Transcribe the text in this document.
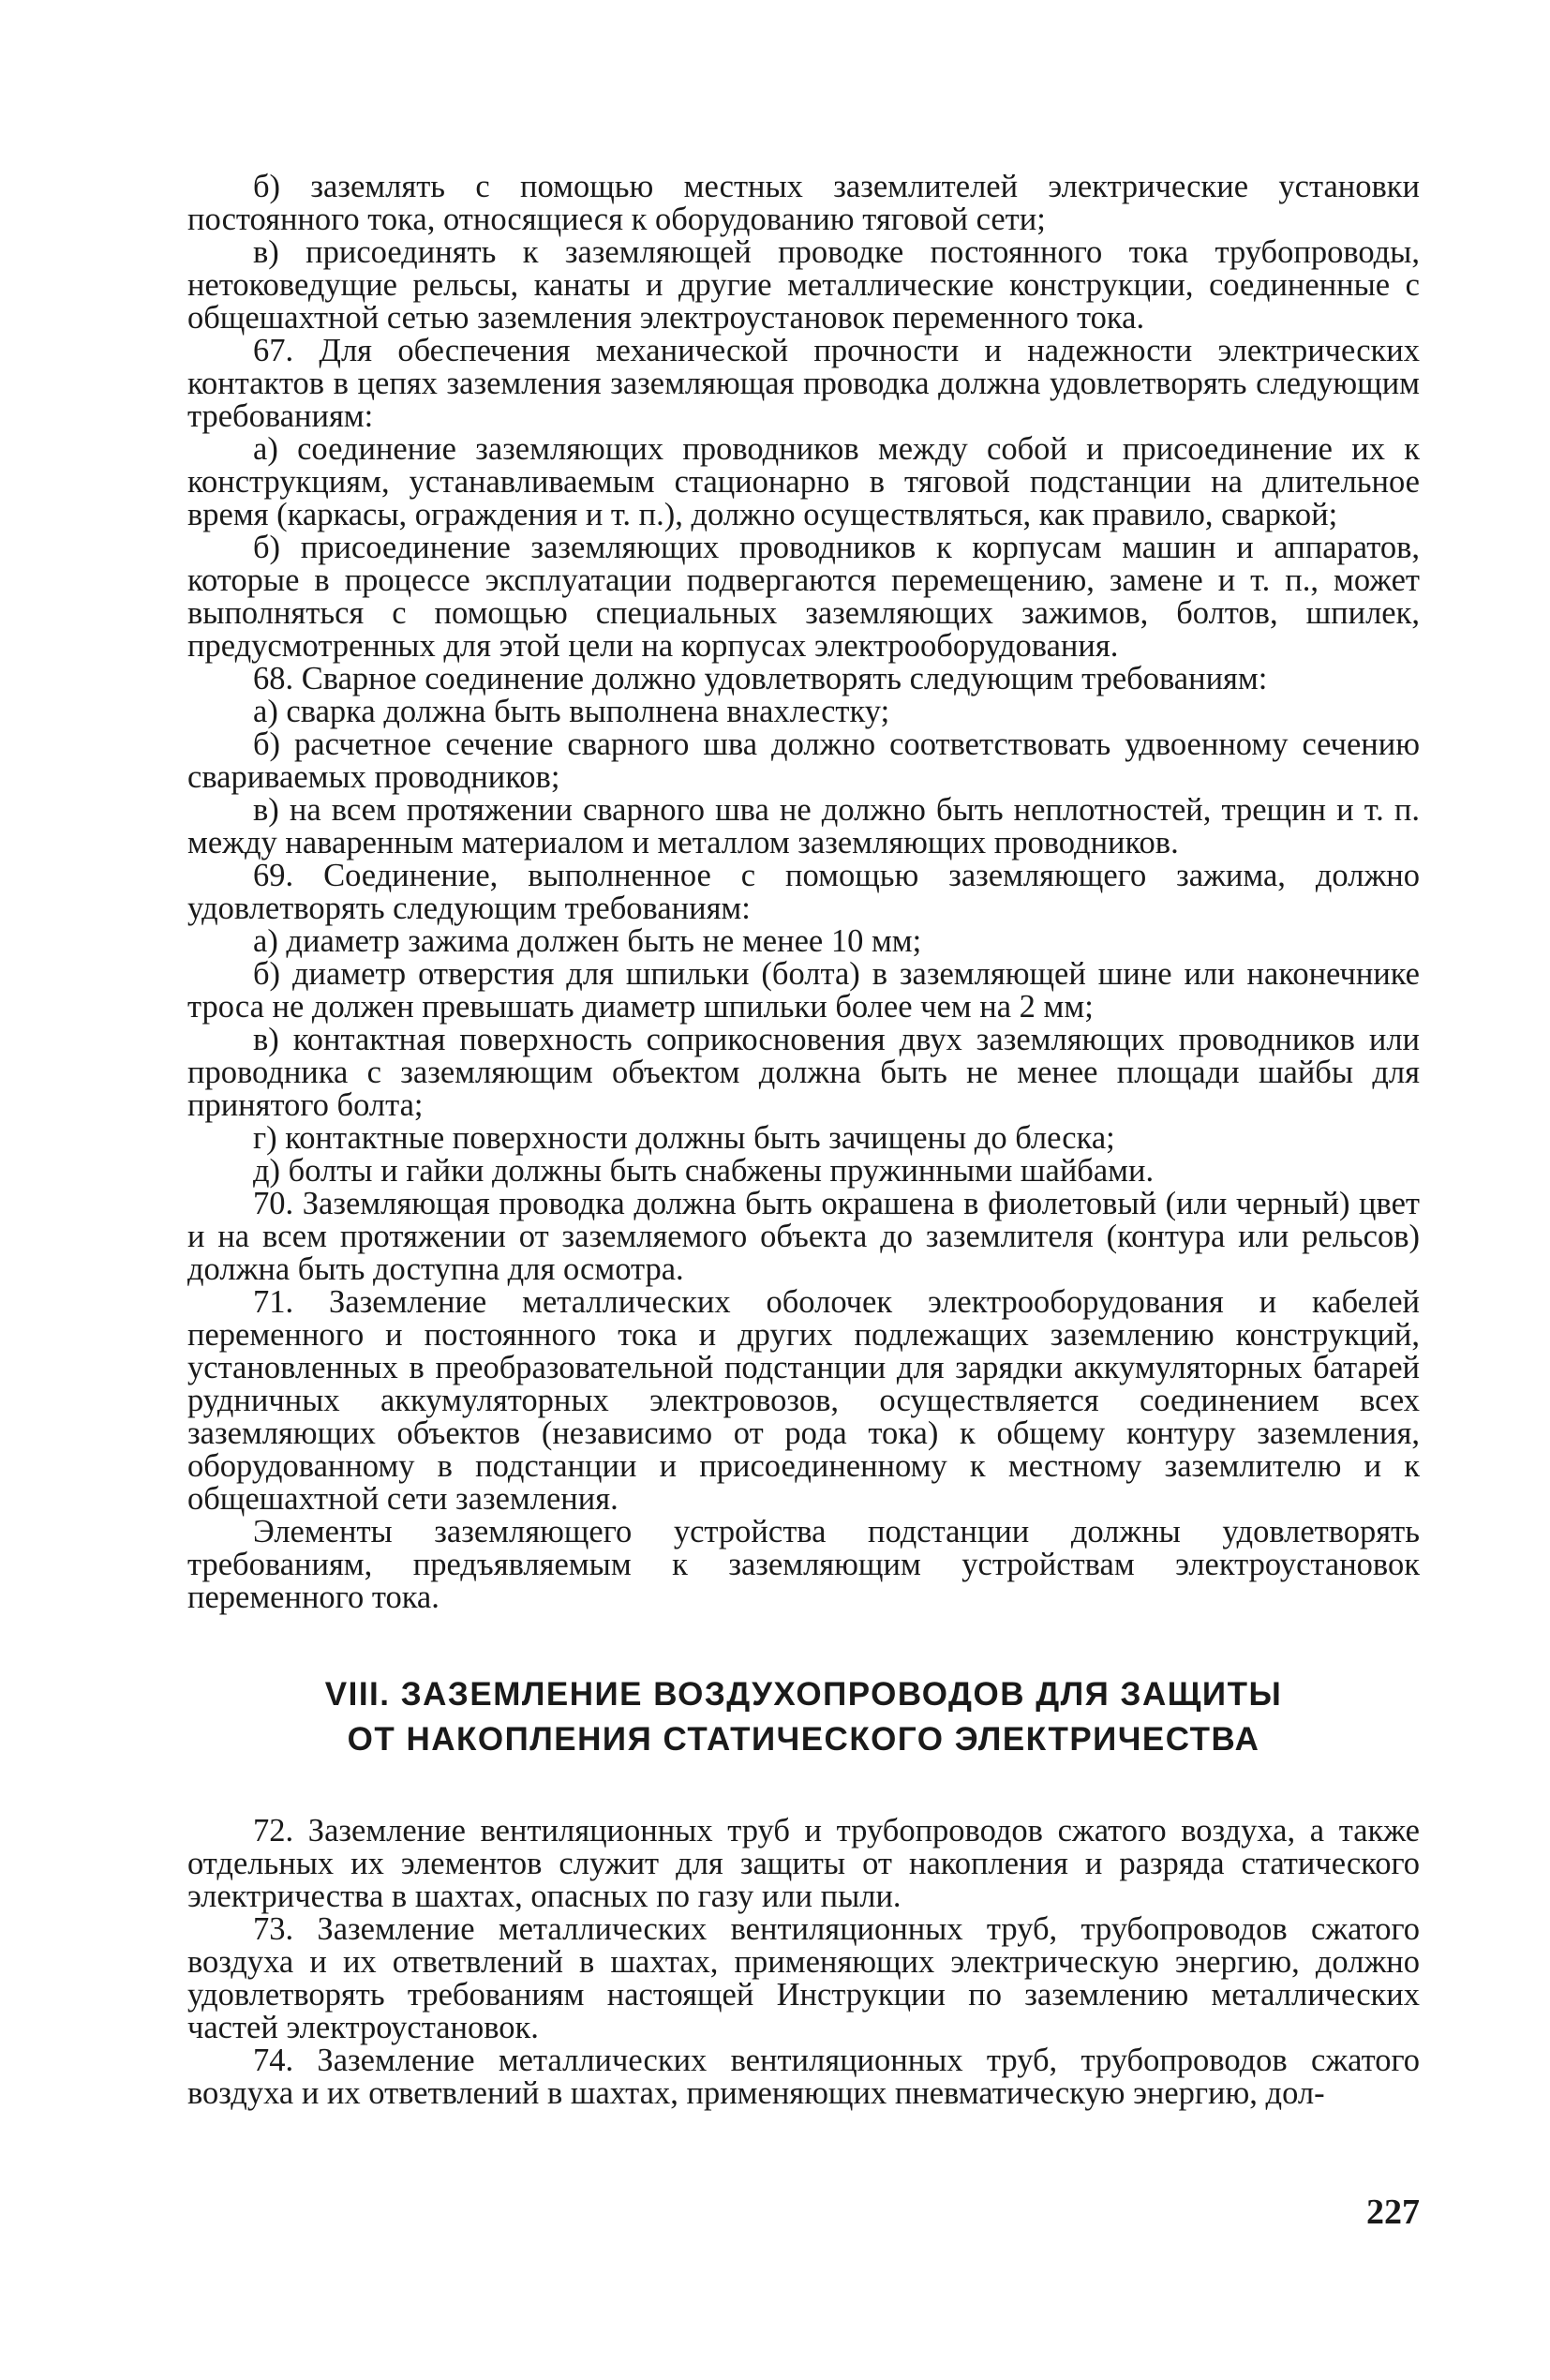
б) заземлять с помощью местных заземлителей электрические установки постоянного тока, относящиеся к оборудованию тяговой сети;

в) присоединять к заземляющей проводке постоянного тока трубопроводы, нетоковедущие рельсы, канаты и другие металлические конструкции, соединенные с общешахтной сетью заземления электроустановок переменного тока.

67. Для обеспечения механической прочности и надежности электрических контактов в цепях заземления заземляющая проводка должна удовлетворять следующим требованиям:

а) соединение заземляющих проводников между собой и присоединение их к конструкциям, устанавливаемым стационарно в тяговой подстанции на длительное время (каркасы, ограждения и т. п.), должно осуществляться, как правило, сваркой;

б) присоединение заземляющих проводников к корпусам машин и аппаратов, которые в процессе эксплуатации подвергаются перемещению, замене и т. п., может выполняться с помощью специальных заземляющих зажимов, болтов, шпилек, предусмотренных для этой цели на корпусах электрооборудования.

68. Сварное соединение должно удовлетворять следующим требованиям:

а) сварка должна быть выполнена внахлестку;

б) расчетное сечение сварного шва должно соответствовать удвоенному сечению свариваемых проводников;

в) на всем протяжении сварного шва не должно быть неплотностей, трещин и т. п. между наваренным материалом и металлом заземляющих проводников.

69. Соединение, выполненное с помощью заземляющего зажима, должно удовлетворять следующим требованиям:

а) диаметр зажима должен быть не менее 10 мм;

б) диаметр отверстия для шпильки (болта) в заземляющей шине или наконечнике троса не должен превышать диаметр шпильки более чем на 2 мм;

в) контактная поверхность соприкосновения двух заземляющих проводников или проводника с заземляющим объектом должна быть не менее площади шайбы для принятого болта;

г) контактные поверхности должны быть зачищены до блеска;

д) болты и гайки должны быть снабжены пружинными шайбами.

70. Заземляющая проводка должна быть окрашена в фиолетовый (или черный) цвет и на всем протяжении от заземляемого объекта до заземлителя (контура или рельсов) должна быть доступна для осмотра.

71. Заземление металлических оболочек электрооборудования и кабелей переменного и постоянного тока и других подлежащих заземлению конструкций, установленных в преобразовательной подстанции для зарядки аккумуляторных батарей рудничных аккумуляторных электровозов, осуществляется соединением всех заземляющих объектов (независимо от рода тока) к общему контуру заземления, оборудованному в подстанции и присоединенному к местному заземлителю и к общешахтной сети заземления.

Элементы заземляющего устройства подстанции должны удовлетворять требованиям, предъявляемым к заземляющим устройствам электроустановок переменного тока.

VIII. ЗАЗЕМЛЕНИЕ ВОЗДУХОПРОВОДОВ ДЛЯ ЗАЩИТЫ
ОТ НАКОПЛЕНИЯ СТАТИЧЕСКОГО ЭЛЕКТРИЧЕСТВА

72. Заземление вентиляционных труб и трубопроводов сжатого воздуха, а также отдельных их элементов служит для защиты от накопления и разряда статического электричества в шахтах, опасных по газу или пыли.

73. Заземление металлических вентиляционных труб, трубопроводов сжатого воздуха и их ответвлений в шахтах, применяющих электрическую энергию, должно удовлетворять требованиям настоящей Инструкции по заземлению металлических частей электроустановок.

74. Заземление металлических вентиляционных труб, трубопроводов сжатого воздуха и их ответвлений в шахтах, применяющих пневматическую энергию, дол-

227
